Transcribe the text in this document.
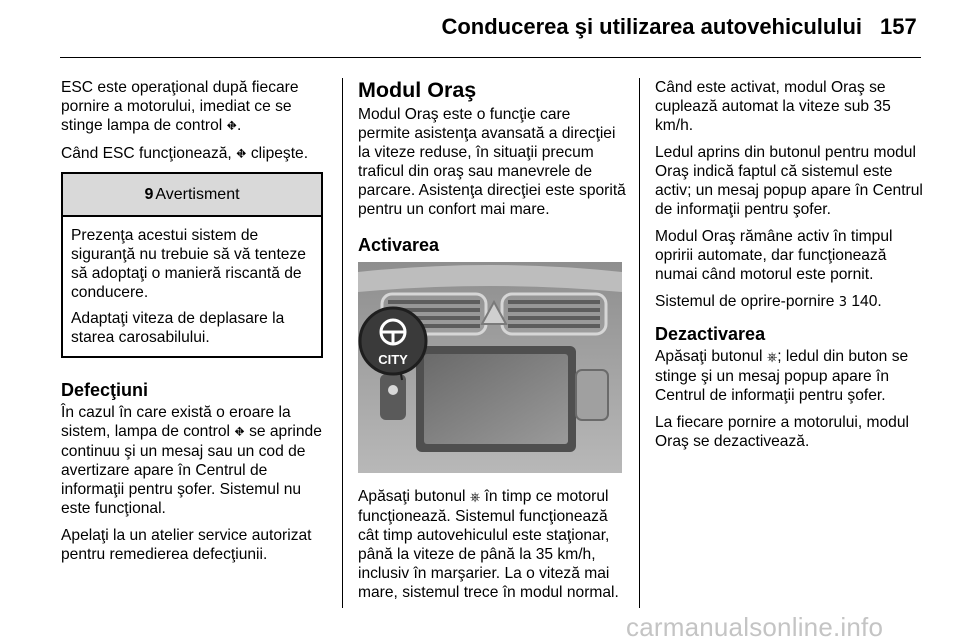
Conducerea şi utilizarea autovehiculului 157

ESC este operaţional după fiecare pornire a motorului, imediat ce se stinge lampa de control ⛖.

Când ESC funcţionează, ⛖ clipeşte.

9 Avertisment

Prezenţa acestui sistem de siguranţă nu trebuie să vă tenteze să adoptaţi o manieră riscantă de conducere.

Adaptaţi viteza de deplasare la starea carosabilului.

Defecţiuni

În cazul în care există o eroare la sistem, lampa de control ⛖ se aprinde continuu şi un mesaj sau un cod de avertizare apare în Centrul de informaţii pentru şofer. Sistemul nu este funcţional.

Apelaţi la un atelier service autorizat pentru remedierea defecţiunii.

Modul Oraş

Modul Oraş este o funcţie care permite asistenţa avansată a direcţiei la viteze reduse, în situaţii precum traficul din oraş sau manevrele de parcare. Asistenţa direcţiei este sporită pentru un confort mai mare.

Activarea
CITY

Apăsaţi butonul ⎈ în timp ce motorul funcţionează. Sistemul funcţionează cât timp autovehiculul este staţionar, până la viteze de până la 35 km/h, inclusiv în marşarier. La o viteză mai mare, sistemul trece în modul normal.

Când este activat, modul Oraş se cuplează automat la viteze sub 35 km/h.

Ledul aprins din butonul pentru modul Oraş indică faptul că sistemul este activ; un mesaj popup apare în Centrul de informaţii pentru şofer.

Modul Oraş rămâne activ în timpul opririi automate, dar funcţionează numai când motorul este pornit.

Sistemul de oprire-pornire 3 140.

Dezactivarea

Apăsaţi butonul ⎈; ledul din buton se stinge şi un mesaj popup apare în Centrul de informaţii pentru şofer.

La fiecare pornire a motorului, modul Oraş se dezactivează.

carmanualsonline.info
